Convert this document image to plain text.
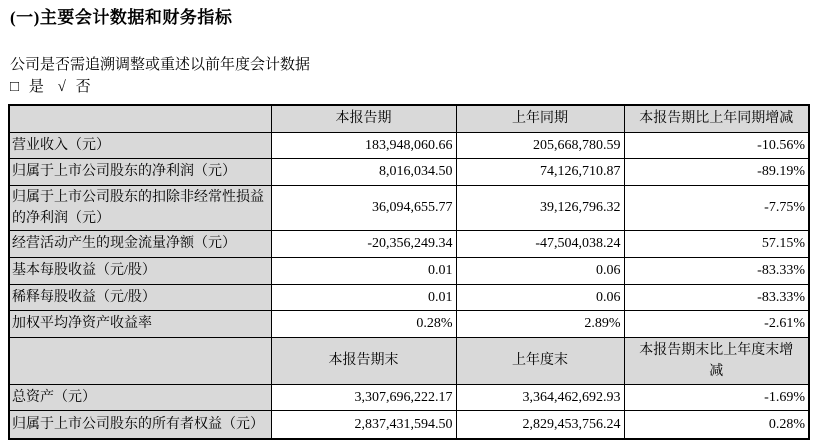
(一)主要会计数据和财务指标

公司是否需追溯调整或重述以前年度会计数据

□ 是 √ 否

	本报告期	上年同期	本报告期比上年同期增减
营业收入（元）	183,948,060.66	205,668,780.59	-10.56%
归属于上市公司股东的净利润（元）	8,016,034.50	74,126,710.87	-89.19%
归属于上市公司股东的扣除非经常性损益的净利润（元）	36,094,655.77	39,126,796.32	-7.75%
经营活动产生的现金流量净额（元）	-20,356,249.34	-47,504,038.24	57.15%
基本每股收益（元/股）	0.01	0.06	-83.33%
稀释每股收益（元/股）	0.01	0.06	-83.33%
加权平均净资产收益率	0.28%	2.89%	-2.61%
	本报告期末	上年度末	本报告期末比上年度末增减
总资产（元）	3,307,696,222.17	3,364,462,692.93	-1.69%
归属于上市公司股东的所有者权益（元）	2,837,431,594.50	2,829,453,756.24	0.28%
